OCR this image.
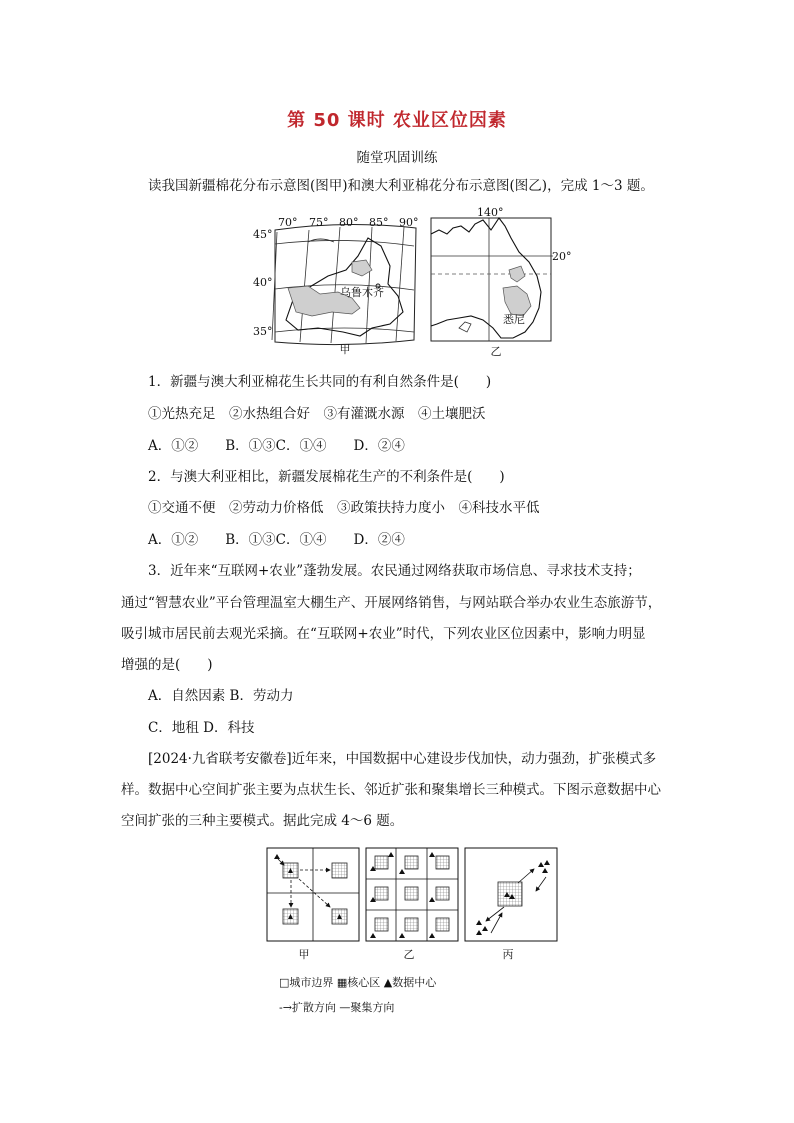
第 50 课时 农业区位因素
随堂巩固训练
读我国新疆棉花分布示意图(图甲)和澳大利亚棉花分布示意图(图乙)，完成 1～3 题。
70° 75° 80° 85° 90°
45°
40°
35°
乌鲁木齐
甲
140°
20°
悉尼
乙
1．新疆与澳大利亚棉花生长共同的有利自然条件是(　　)
①光热充足　②水热组合好　③有灌溉水源　④土壤肥沃
A．①②　　B．①③C．①④　　D．②④
2．与澳大利亚相比，新疆发展棉花生产的不利条件是(　　)
①交通不便　②劳动力价格低　③政策扶持力度小　④科技水平低
A．①②　　B．①③C．①④　　D．②④
3．近年来“互联网+农业”蓬勃发展。农民通过网络获取市场信息、寻求技术支持；
通过“智慧农业”平台管理温室大棚生产、开展网络销售，与网站联合举办农业生态旅游节，
吸引城市居民前去观光采摘。在“互联网+农业”时代，下列农业区位因素中，影响力明显
增强的是(　　)
A．自然因素 B．劳动力
C．地租 D．科技
[2024·九省联考安徽卷]近年来，中国数据中心建设步伐加快，动力强劲，扩张模式多
样。数据中心空间扩张主要为点状生长、邻近扩张和聚集增长三种模式。下图示意数据中心
空间扩张的三种主要模式。据此完成 4～6 题。
甲	乙	丙
□城市边界 ▦核心区 ▲数据中心
-→扩散方向 —聚集方向
